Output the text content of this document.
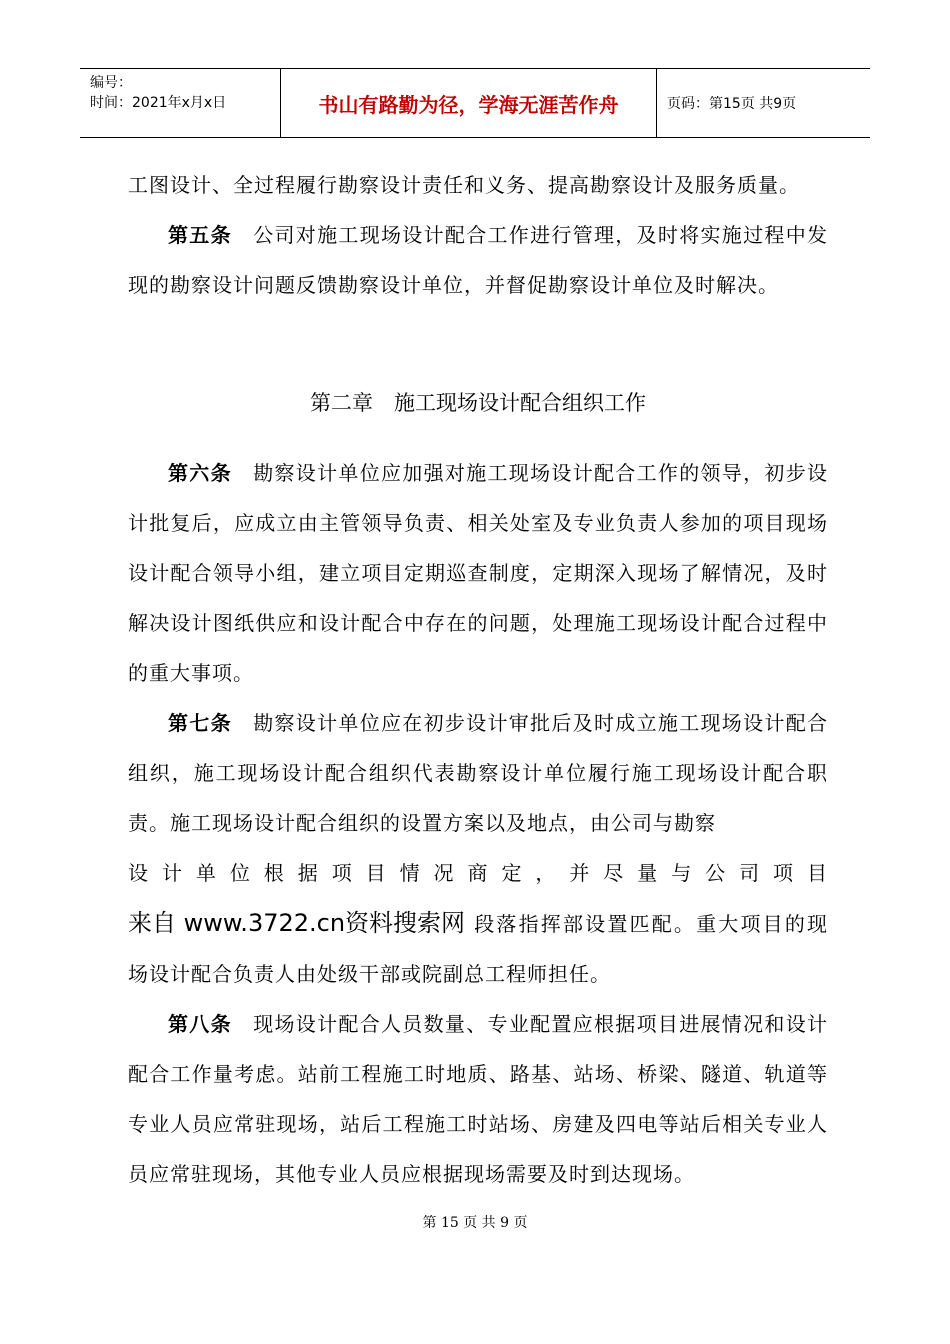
编号：
时间：2021年x月x日	书山有路勤为径，学海无涯苦作舟	页码：第15页 共9页

工图设计、全过程履行勘察设计责任和义务、提高勘察设计及服务质量。

第五条　公司对施工现场设计配合工作进行管理，及时将实施过程中发现的勘察设计问题反馈勘察设计单位，并督促勘察设计单位及时解决。

第二章　施工现场设计配合组织工作

第六条　勘察设计单位应加强对施工现场设计配合工作的领导，初步设计批复后，应成立由主管领导负责、相关处室及专业负责人参加的项目现场设计配合领导小组，建立项目定期巡查制度，定期深入现场了解情况，及时解决设计图纸供应和设计配合中存在的问题，处理施工现场设计配合过程中的重大事项。

第七条　勘察设计单位应在初步设计审批后及时成立施工现场设计配合组织，施工现场设计配合组织代表勘察设计单位履行施工现场设计配合职责。施工现场设计配合组织的设置方案以及地点，由公司与勘察

设计单位根据项目情况商定，并尽量与公司项目

来自 www.3722.cn资料搜索网 段落指挥部设置匹配。重大项目的现场设计配合负责人由处级干部或院副总工程师担任。

第八条　现场设计配合人员数量、专业配置应根据项目进展情况和设计配合工作量考虑。站前工程施工时地质、路基、站场、桥梁、隧道、轨道等专业人员应常驻现场，站后工程施工时站场、房建及四电等站后相关专业人员应常驻现场，其他专业人员应根据现场需要及时到达现场。

第 15 页 共 9 页
